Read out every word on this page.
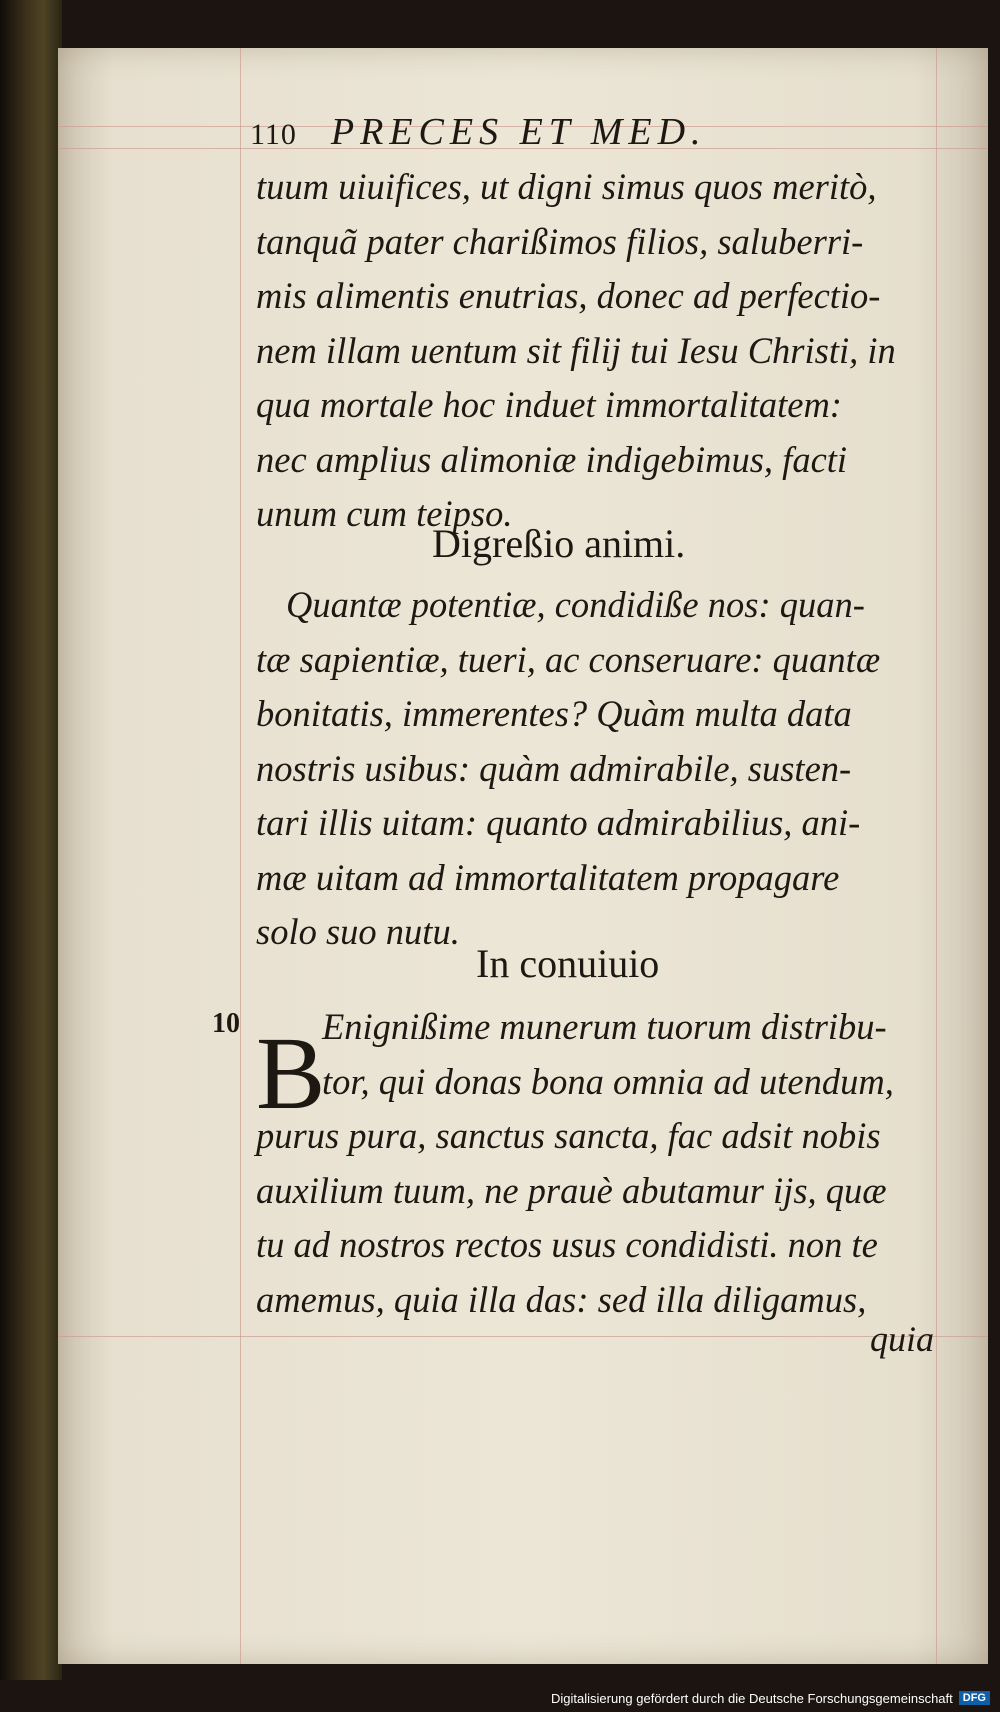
110 PRECES ET MED.
tuum uiuifices, ut digni simus quos meritò,
tanquã pater charißimos filios, saluberri-
mis alimentis enutrias, donec ad perfectio-
nem illam uentum sit filij tui Iesu Christi, in
qua mortale hoc induet immortalitatem:
nec amplius alimoniæ indigebimus, facti
unum cum teipso.
Digreßio animi.
Quantæ potentiæ, condidiße nos: quan-
tæ sapientiæ, tueri, ac conseruare: quantæ
bonitatis, immerentes? Quàm multa data
nostris usibus: quàm admirabile, susten-
tari illis uitam: quanto admirabilius, ani-
mæ uitam ad immortalitatem propagare
solo suo nutu.
In conuiuio
10 B
Enignißime munerum tuorum distribu-
tor, qui donas bona omnia ad utendum,
purus pura, sanctus sancta, fac adsit nobis
auxilium tuum, ne prauè abutamur ijs, quæ
tu ad nostros rectos usus condidisti. non te
amemus, quia illa das: sed illa diligamus,
quia
Digitalisierung gefördert durch die Deutsche Forschungsgemeinschaft DFG
